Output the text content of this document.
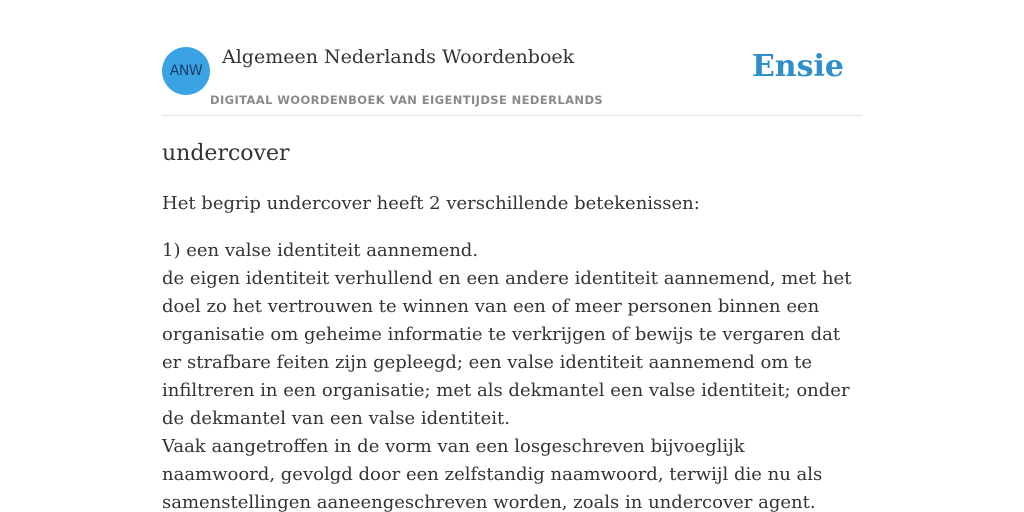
ANW
Algemeen Nederlands Woordenboek
DIGITAAL WOORDENBOEK VAN EIGENTIJDSE NEDERLANDS
Ensie
undercover

Het begrip undercover heeft 2 verschillende betekenissen:

1) een valse identiteit aannemend.
de eigen identiteit verhullend en een andere identiteit aannemend, met het doel zo het vertrouwen te winnen van een of meer personen binnen een organisatie om geheime informatie te verkrijgen of bewijs te vergaren dat er strafbare feiten zijn gepleegd; een valse identiteit aannemend om te infiltreren in een organisatie; met als dekmantel een valse identiteit; onder de dekmantel van een valse identiteit.
Vaak aangetroffen in de vorm van een losgeschreven bijvoeglijk naamwoord, gevolgd door een zelfstandig naamwoord, terwijl die nu als samenstellingen aaneengeschreven worden, zoals in undercover agent.
